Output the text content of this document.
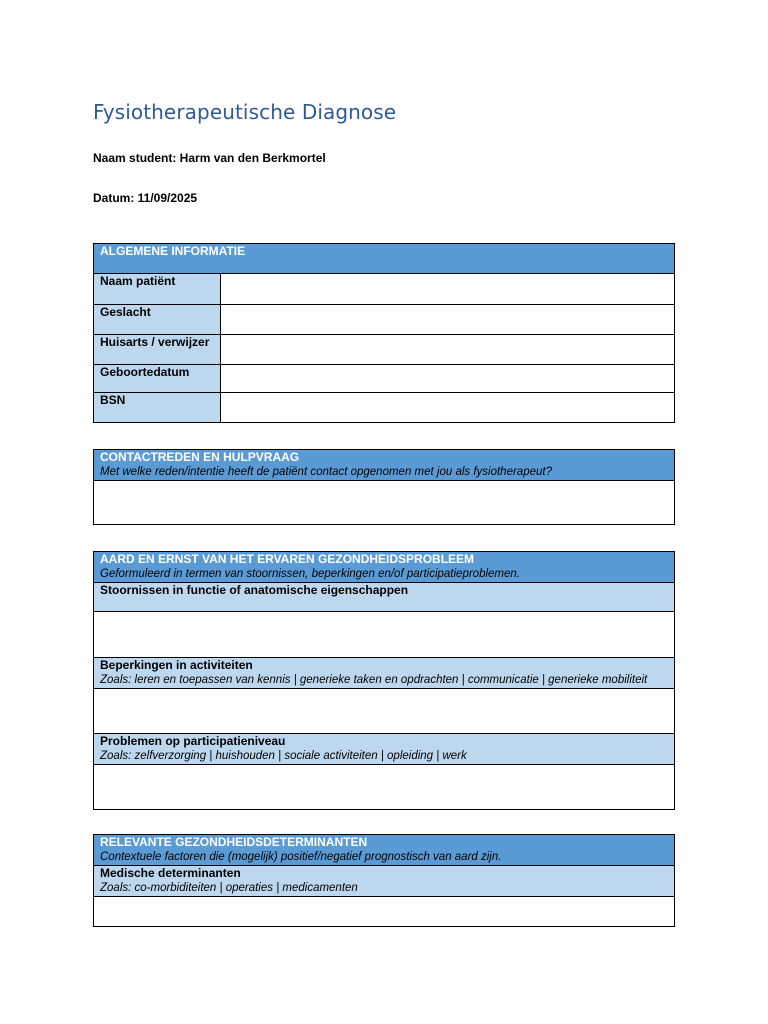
Fysiotherapeutische Diagnose
Naam student: Harm van den Berkmortel
Datum: 11/09/2025
ALGEMENE INFORMATIE	
Naam patiënt	
Geslacht	
Huisarts / verwijzer	
Geboortedatum	
BSN	
CONTACTREDEN EN HULPVRAAG
Met welke reden/intentie heeft de patiënt contact opgenomen met jou als fysiotherapeut?

AARD EN ERNST VAN HET ERVAREN GEZONDHEIDSPROBLEEM
Geformuleerd in termen van stoornissen, beperkingen en/of participatieproblemen.

Stoornissen in functie of anatomische eigenschappen

Beperkingen in activiteiten
Zoals: leren en toepassen van kennis | generieke taken en opdrachten | communicatie | generieke mobiliteit

Problemen op participatieniveau
Zoals: zelfverzorging | huishouden | sociale activiteiten | opleiding | werk

RELEVANTE GEZONDHEIDSDETERMINANTEN
Contextuele factoren die (mogelijk) positief/negatief prognostisch van aard zijn.

Medische determinanten
Zoals: co-morbiditeiten | operaties | medicamenten
